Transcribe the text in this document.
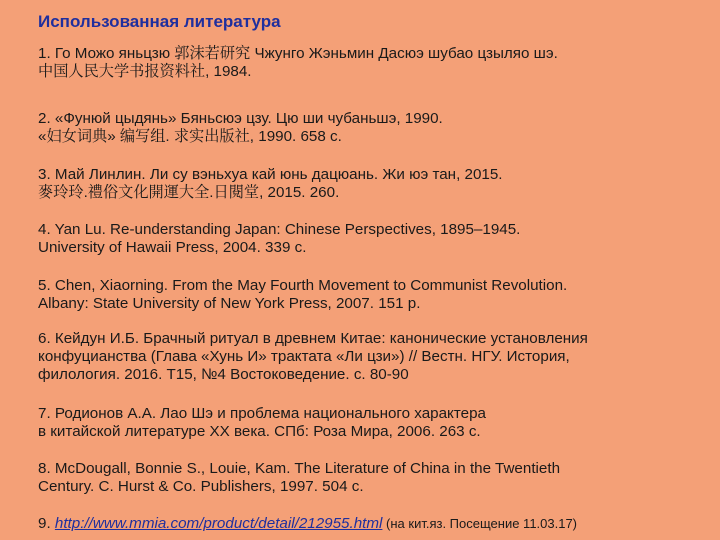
Использованная литература
1. Го Можо яньцзю 郭沫若研究 Чжунго Жэньмин Дасюэ шубао цзыляо шэ.
中国人民大学书报资料社, 1984.
2. «Фунюй цыдянь» Бяньсюэ цзу. Цю ши чубаньшэ, 1990.
«妇女词典» 编写组. 求实出版社, 1990. 658 с.
3. Май Линлин. Ли су вэньхуа кай юнь дацюань. Жи юэ тан, 2015.
麥玲玲.禮俗文化開運大全.日閱堂, 2015. 260.
4. Yan Lu. Re-understanding Japan: Chinese Perspectives, 1895–1945.
University of Hawaii Press, 2004. 339 с.
5. Chen, Xiaorning. From the May Fourth Movement to Communist Revolution.
Albany: State University of New York Press, 2007. 151 p.
6. Кейдун И.Б. Брачный ритуал в древнем Китае: канонические установления
конфуцианства (Глава «Хунь И» трактата «Ли цзи») // Вестн. НГУ. История,
филология. 2016. Т15, №4 Востоковедение. с. 80-90
7. Родионов А.А. Лао Шэ и проблема национального характера
в китайской литературе XX века. СПб: Роза Мира, 2006. 263 с.
8. McDougall, Bonnie S., Louie, Kam. The Literature of China in the Twentieth
Century. C. Hurst & Co. Publishers, 1997. 504 с.
9. http://www.mmia.com/product/detail/212955.html (на кит.яз. Посещение 11.03.17)
